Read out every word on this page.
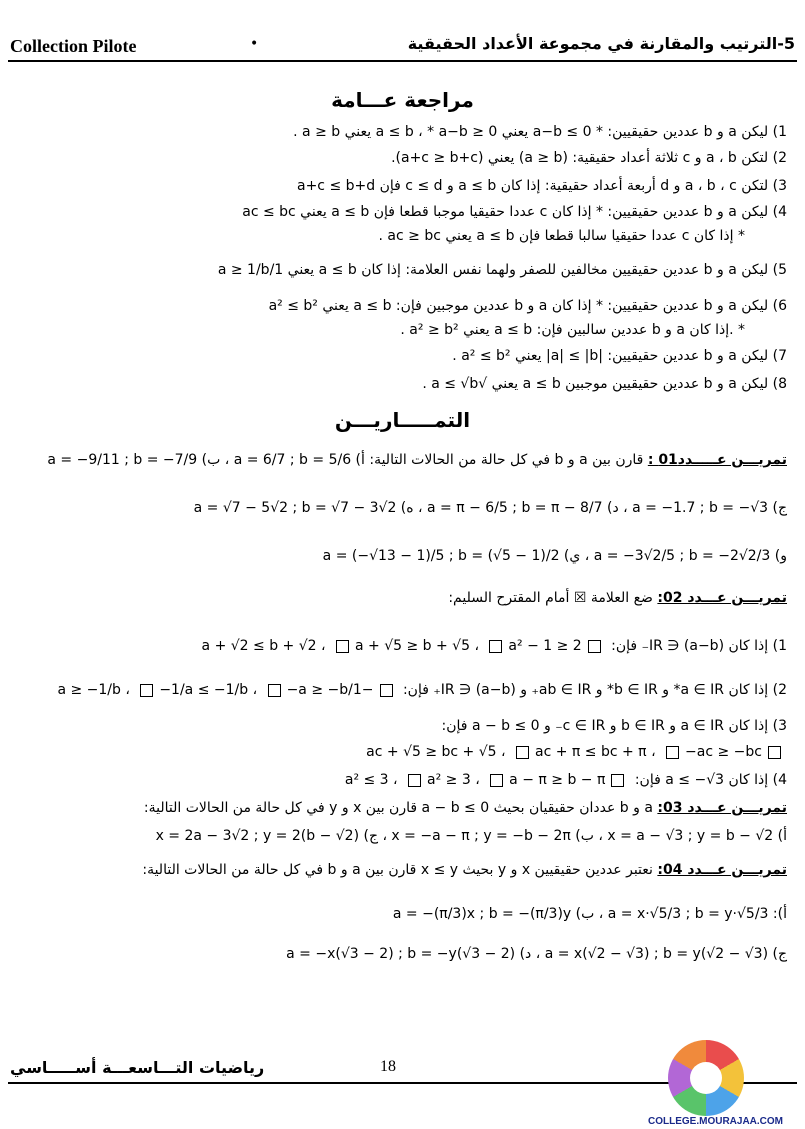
Collection Pilote	•	5-الترتيب والمقارنة في مجموعة الأعداد الحقيقية
مراجعة عـــامة
1) ليكن a و b عددين حقيقيين: * a−b ≤ 0 يعني a ≤ b ، * a−b ≥ 0 يعني a ≥ b .
2) لتكن a ، b و c ثلاثة أعداد حقيقية: (a ≥ b) يعني (a+c ≥ b+c).
3) لتكن a ، b ، c و d أربعة أعداد حقيقية: إذا كان a ≤ b و c ≤ d فإن a+c ≤ b+d
4) ليكن a و b عددين حقيقيين: * إذا كان c عددا حقيقيا موجبا قطعا فإن a ≤ b يعني ac ≤ bc
* إذا كان c عددا حقيقيا سالبا قطعا فإن a ≤ b يعني ac ≥ bc .
5) ليكن a و b عددين حقيقيين مخالفين للصفر ولهما نفس العلامة: إذا كان a ≤ b يعني 1/a ≥ 1/b
6) ليكن a و b عددين حقيقيين: * إذا كان a و b عددين موجبين فإن: a ≤ b يعني a² ≤ b²
* .إذا كان a و b عددين سالبين فإن: a ≤ b يعني a² ≥ b² .
7) ليكن a و b عددين حقيقيين: |a| ≤ |b| يعني a² ≤ b² .
8) ليكن a و b عددين حقيقيين موجبين a ≤ b يعني √a ≤ √b .
التمـــــاريـــن
تمريـــن عـــــدد01 : قارن بين a و b في كل حالة من الحالات التالية: أ) a = 6/7 ; b = 5/6 ، ب) a = −9/11 ; b = −7/9
ج) a = −1.7 ; b = −√3 ، د) a = π − 6/5 ; b = π − 8/7 ، ه) a = √7 − 5√2 ; b = √7 − 3√2
و) a = −3√2/5 ; b = −2√2/3 ، ي) a = (−√13 − 1)/5 ; b = (√5 − 1)/2
تمريـــن عـــدد 02: ضع العلامة ☒ أمام المقترح السليم:
1) إذا كان (a−b) ∈ IR₋ فإن: a + √2 ≤ b + √2 ، a + √5 ≥ b + √5 ، a² − 1 ≥ 2
2) إذا كان a ∈ IR* و b ∈ IR* و ab ∈ IR₊ و (a−b) ∈ IR₊ فإن: −1/a ≥ −1/b ، −1/a ≤ −1/b ، −a ≥ −b
3) إذا كان a ∈ IR و b ∈ IR و c ∈ IR₋ و a − b ≤ 0 فإن:
ac + √5 ≥ bc + √5 ، ac + π ≤ bc + π ، −ac ≥ −bc
4) إذا كان a ≤ −√3 فإن: a² ≤ 3 ، a² ≥ 3 ، a − π ≥ b − π
تمريـــن عـــدد 03: a و b عددان حقيقيان بحيث a − b ≤ 0 قارن بين x و y في كل حالة من الحالات التالية:
أ) x = a − √3 ; y = b − √2 ، ب) x = −a − π ; y = −b − 2π ، ج) x = 2a − 3√2 ; y = 2(b − √2)
تمريـــن عـــدد 04: نعتبر عددين حقيقيين x و y بحيث x ≤ y قارن بين a و b في كل حالة من الحالات التالية:
أ): a = x·√5/3 ; b = y·√5/3 ، ب) a = −(π/3)x ; b = −(π/3)y
ج) a = x(√2 − √3) ; b = y(√2 − √3) ، د) a = −x(√3 − 2) ; b = −y(√3 − 2)
رياضيات التـــاسعـــة أســـــاسي	18
COLLEGE.MOURAJAA.COM
